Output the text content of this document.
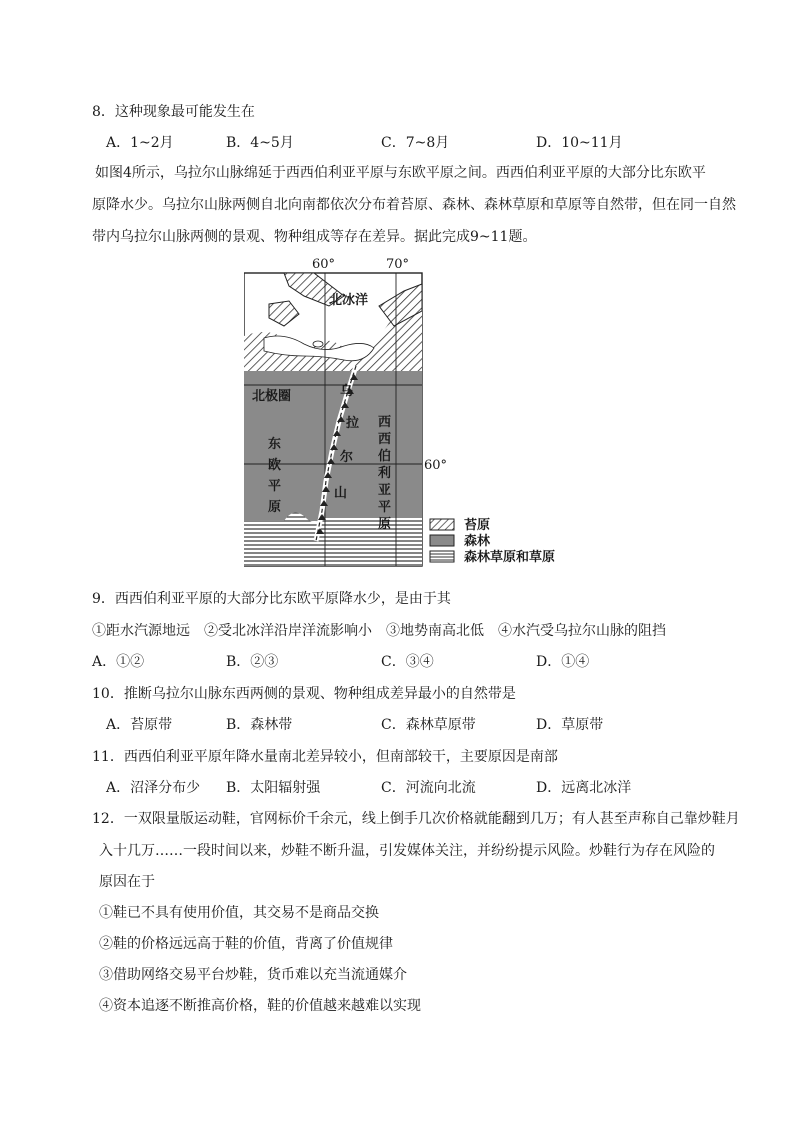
8．这种现象最可能发生在
A．1~2月	B．4~5月	C．7~8月	D．10~11月
如图4所示，乌拉尔山脉绵延于西西伯利亚平原与东欧平原之间。西西伯利亚平原的大部分比东欧平
原降水少。乌拉尔山脉两侧自北向南都依次分布着苔原、森林、森林草原和草原等自然带，但在同一自然
带内乌拉尔山脉两侧的景观、物种组成等存在差异。据此完成9~11题。
60°	70°
北冰洋
北极圈
60°
东
欧
平
原
乌
拉
尔
山
西
西
伯
利
亚
平
原	苔原
森林
森林草原和草原
9．西西伯利亚平原的大部分比东欧平原降水少，是由于其
①距水汽源地远　②受北冰洋沿岸洋流影响小　③地势南高北低　④水汽受乌拉尔山脉的阻挡
A．①②	B．②③	C．③④	D．①④
10．推断乌拉尔山脉东西两侧的景观、物种组成差异最小的自然带是
A．苔原带	B．森林带	C．森林草原带	D．草原带
11．西西伯利亚平原年降水量南北差异较小，但南部较干，主要原因是南部
A．沼泽分布少 B．太阳辐射强	C．河流向北流	D．远离北冰洋
12．一双限量版运动鞋，官网标价千余元，线上倒手几次价格就能翻到几万；有人甚至声称自己靠炒鞋月
入十几万……一段时间以来，炒鞋不断升温，引发媒体关注，并纷纷提示风险。炒鞋行为存在风险的
原因在于
①鞋已不具有使用价值，其交易不是商品交换
②鞋的价格远远高于鞋的价值，背离了价值规律
③借助网络交易平台炒鞋，货币难以充当流通媒介
④资本追逐不断推高价格，鞋的价值越来越难以实现
